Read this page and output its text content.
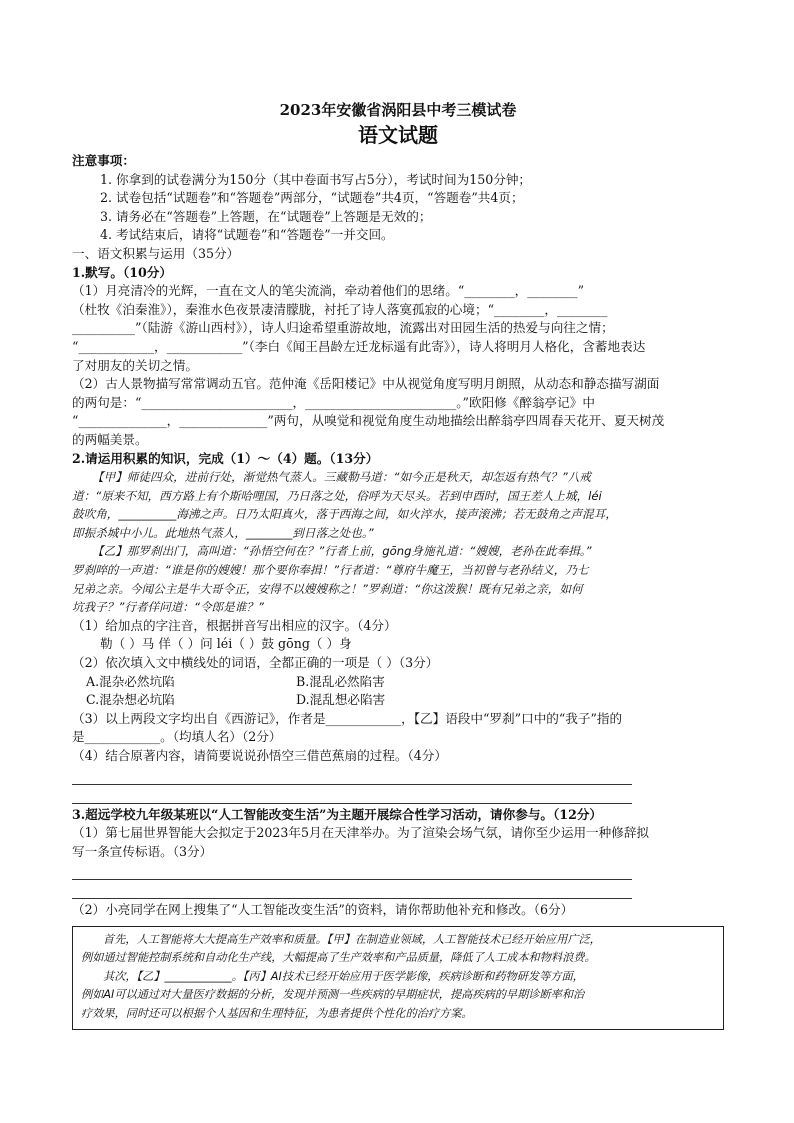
2023年安徽省涡阳县中考三模试卷
语文试题
注意事项：
1. 你拿到的试卷满分为150分（其中卷面书写占5分），考试时间为150分钟；
2. 试卷包括“试题卷”和“答题卷”两部分，“试题卷”共4页，“答题卷”共4页；
3. 请务必在“答题卷”上答题，在“试题卷”上答题是无效的；
4. 考试结束后，请将“试题卷”和“答题卷”一并交回。
一、语文积累与运用（35分）
1.默写。（10分）
（1）月亮清冷的光辉，一直在文人的笔尖流淌，牵动着他们的思绪。“________，________”
（杜牧《泊秦淮》），秦淮水色夜景凄清朦胧，衬托了诗人落寞孤寂的心境；“________，________
__________”（陆游《游山西村》），诗人归途希望重游故地，流露出对田园生活的热爱与向往之情；
“____________，____________”（李白《闻王昌龄左迁龙标遥有此寄》），诗人将明月人格化，含蓄地表达
了对朋友的关切之情。
（2）古人景物描写常常调动五官。范仲淹《岳阳楼记》中从视觉角度写明月朗照，从动态和静态描写湖面
的两句是：“________________________，________________________。”欧阳修《醉翁亭记》中
“______________，______________”两句，从嗅觉和视觉角度生动地描绘出醉翁亭四周春天花开、夏天树茂
的两幅美景。
2.请运用积累的知识，完成（1）～（4）题。（13分）
【甲】师徒四众，进前行处，渐觉热气蒸人。三藏勒马道：“如今正是秋天，却怎返有热气？”八戒
道：“原来不知，西方路上有个斯哈哩国，乃日落之处，俗呼为天尽头。若到申酉时，国王差人上城，léi
鼓吹角，__________海沸之声。日乃太阳真火，落于西海之间，如火淬水，接声滚沸；若无鼓角之声混耳，
即振杀城中小儿。此地热气蒸人，________到日落之处也。”
【乙】那罗刹出门，高叫道：“孙悟空何在？”行者上前，gōng身施礼道：“嫂嫂，老孙在此奉揖。”
罗刹啐的一声道：“谁是你的嫂嫂！那个要你奉揖！”行者道：“尊府牛魔王，当初曾与老孙结义，乃七
兄弟之亲。今闻公主是牛大哥令正，安得不以嫂嫂称之！”罗刹道：“你这泼猴！既有兄弟之亲，如何
坑我子？”行者佯问道：“令郎是谁？”
（1）给加点的字注音，根据拼音写出相应的汉字。（4分）
勒（ ）马 佯（ ）问 léi（ ）鼓 gōng（ ）身
（2）依次填入文中横线处的词语，全都正确的一项是（ ）（3分）
A.混杂必然坑陷	B.混乱必然陷害
C.混杂想必坑陷	D.混乱想必陷害
（3）以上两段文字均出自《西游记》，作者是____________，【乙】语段中“罗刹”口中的“我子”指的
是____________。（均填人名）（2分）
（4）结合原著内容，请简要说说孙悟空三借芭蕉扇的过程。（4分）
3.超远学校九年级某班以“人工智能改变生活”为主题开展综合性学习活动，请你参与。（12分）
（1）第七届世界智能大会拟定于2023年5月在天津举办。为了渲染会场气氛，请你至少运用一种修辞拟
写一条宣传标语。（3分）
（2）小亮同学在网上搜集了“人工智能改变生活”的资料，请你帮助他补充和修改。（6分）
首先，人工智能将大大提高生产效率和质量。【甲】在制造业领域，人工智能技术已经开始应用广泛，
例如通过智能控制系统和自动化生产线，大幅提高了生产效率和产品质量，降低了人工成本和物料浪费。
其次，【乙】____________。【丙】AI技术已经开始应用于医学影像，疾病诊断和药物研发等方面，
例如AI可以通过对大量医疗数据的分析，发现并预测一些疾病的早期症状，提高疾病的早期诊断率和治
疗效果，同时还可以根据个人基因和生理特征，为患者提供个性化的治疗方案。
